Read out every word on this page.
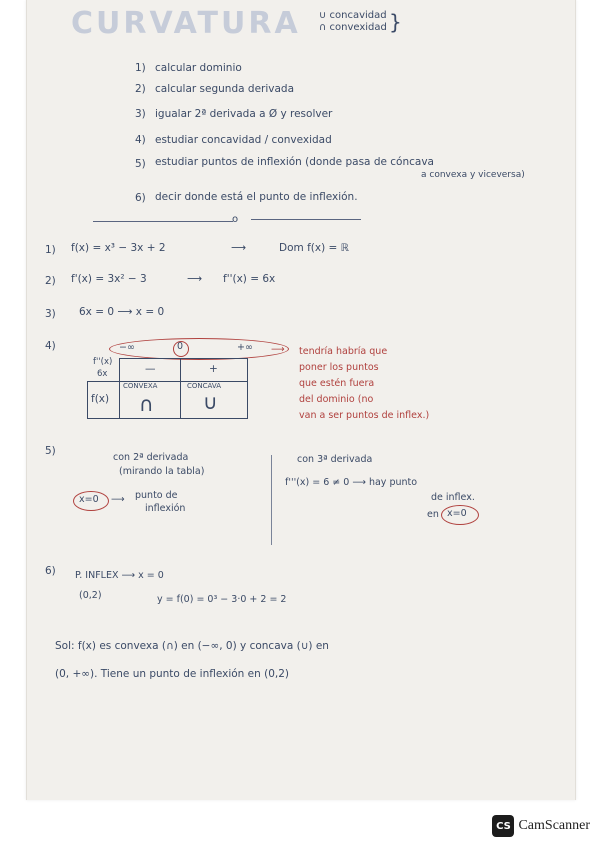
CURVATURA ∪ concavidad
∩ convexidad }
1) calcular dominio
2) calcular segunda derivada
3) igualar 2ª derivada a Ø y resolver
4) estudiar concavidad / convexidad
5) estudiar puntos de inflexión (donde pasa de cóncava
a convexa y viceversa)
6) decir donde está el punto de inflexión.
o
1) f(x) = x³ − 3x + 2	⟶	Dom f(x) = ℝ
2) f'(x) = 3x² − 3	⟶ f''(x) = 6x
3) 6x = 0 ⟶ x = 0
4)	−∞	0	+∞
f''(x)
6x	—	+
CONVEXA	CONCAVA
f(x) ∩ ∪
⟶ tendría habría que
poner los puntos
que estén fuera
del dominio (no
van a ser puntos de inflex.)
5)
con 2ª derivada
(mirando la tabla)
x=0 ⟶ punto de
inflexión
con 3ª derivada
f'''(x) = 6 ≠ 0 ⟶ hay punto
de inflex.
en x=0
6) P. INFLEX ⟶ x = 0
(0,2)	y = f(0) = 0³ − 3·0 + 2 = 2
Sol: f(x) es convexa (∩) en (−∞, 0) y concava (∪) en
(0, +∞). Tiene un punto de inflexión en (0,2)
CS CamScanner
